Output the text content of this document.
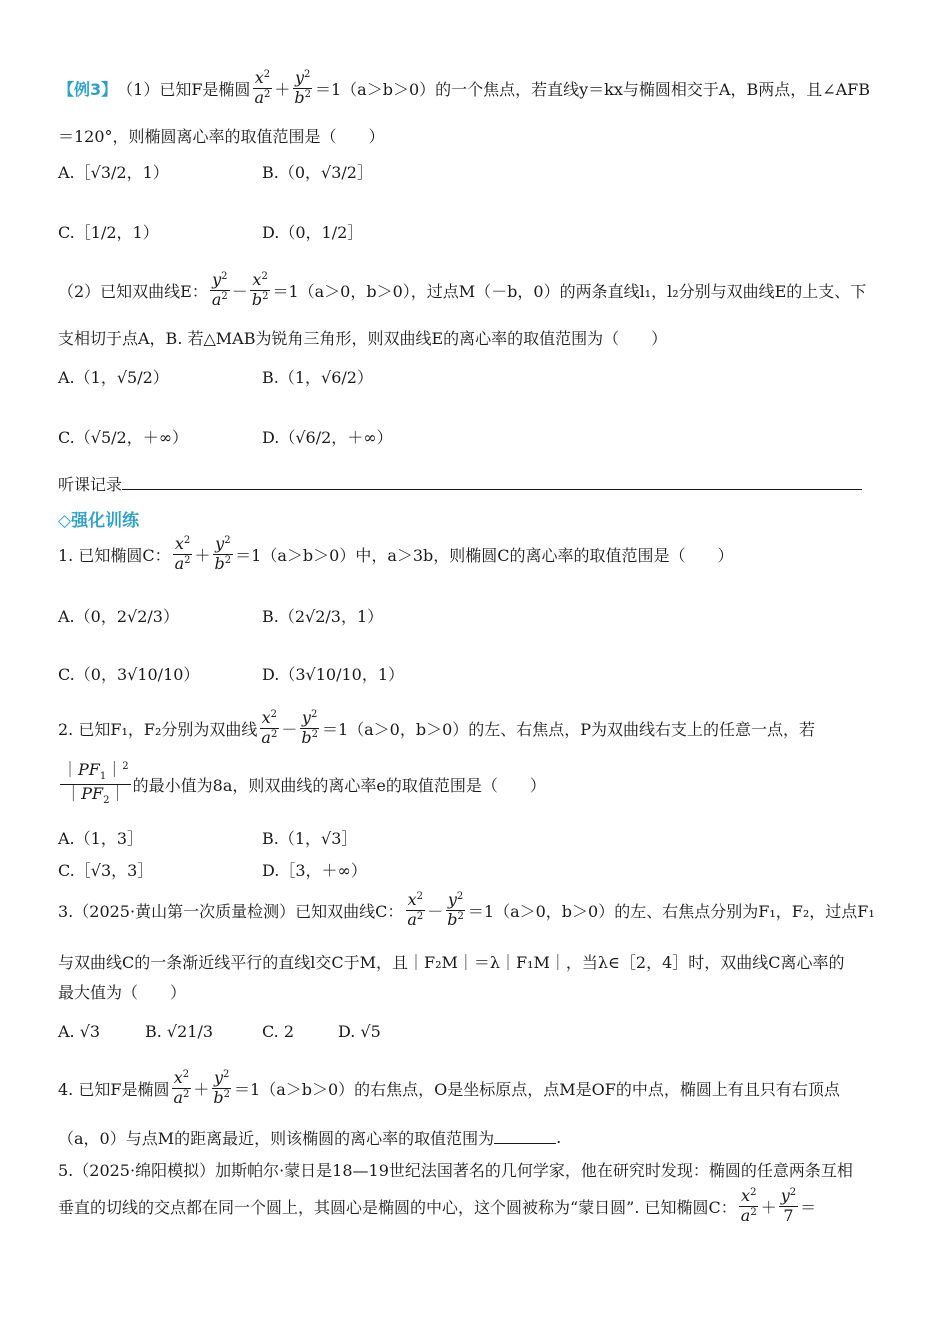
【例3】 （1）已知F是椭圆 $\frac{x^2}{a^2} + \frac{y^2}{b^2} =1(a>b>0)$的一个焦点，若直线y＝kx与椭圆相交于A，B两点，且∠AFB
＝120°，则椭圆离心率的取值范围是（　　）
A.［√3/2，1）	B.（0，√3/2］
C.［1/2，1）	D.（0，1/2］
（2）已知双曲线E： $\frac{y^2}{a^2} - \frac{x^2}{b^2} =1(a>0$，b＞0），过点M（－b，0）的两条直线l₁，l₂分别与双曲线E的上支、下
支相切于点A，B. 若△MAB为锐角三角形，则双曲线E的离心率的取值范围为（　　）
A.（1，√5/2）	B.（1，√6/2）
C.（√5/2，＋∞）	D.（√6/2，＋∞）
听课记录
◇强化训练
1. 已知椭圆C： $\frac{x^2}{a^2} + \frac{y^2}{b^2} =1(a>b>0)$中，a＞3b，则椭圆C的离心率的取值范围是（　　）
A.（0，2√2/3）	B.（2√2/3，1）
C.（0，3√10/10）	D.（3√10/10，1）
2. 已知F₁，F₂分别为双曲线 $\frac{x^2}{a^2} - \frac{y^2}{b^2} =1(a>0$，b＞0）的左、右焦点，P为双曲线右支上的任意一点，若
$\frac{|PF_1|^2}{|PF_2|}$ 的最小值为8a，则双曲线的离心率e的取值范围是（　　）
A.（1，3］	B.（1，√3］
C.［√3，3］	D.［3，＋∞）
3.（2025·黄山第一次质量检测）已知双曲线C： $\frac{x^2}{a^2} - \frac{y^2}{b^2} =1(a>0$，b＞0）的左、右焦点分别为F₁，F₂，过点F₁
与双曲线C的一条渐近线平行的直线l交C于M，且｜F₂M｜＝λ｜F₁M｜，当λ∈［2，4］时，双曲线C离心率的
最大值为（　　）
A. √3	B. √21/3	C. 2	D. √5
4. 已知F是椭圆 $\frac{x^2}{a^2} + \frac{y^2}{b^2} =1(a>b>0)$的右焦点，O是坐标原点，点M是OF的中点，椭圆上有且只有右顶点
（a，0）与点M的距离最近，则该椭圆的离心率的取值范围为	.
5.（2025·绵阳模拟）加斯帕尔·蒙日是18—19世纪法国著名的几何学家，他在研究时发现：椭圆的任意两条互相
垂直的切线的交点都在同一个圆上，其圆心是椭圆的中心，这个圆被称为“蒙日圆”. 已知椭圆C： $\frac{x^2}{a^2} + \frac{y^2}{7}$ ＝
